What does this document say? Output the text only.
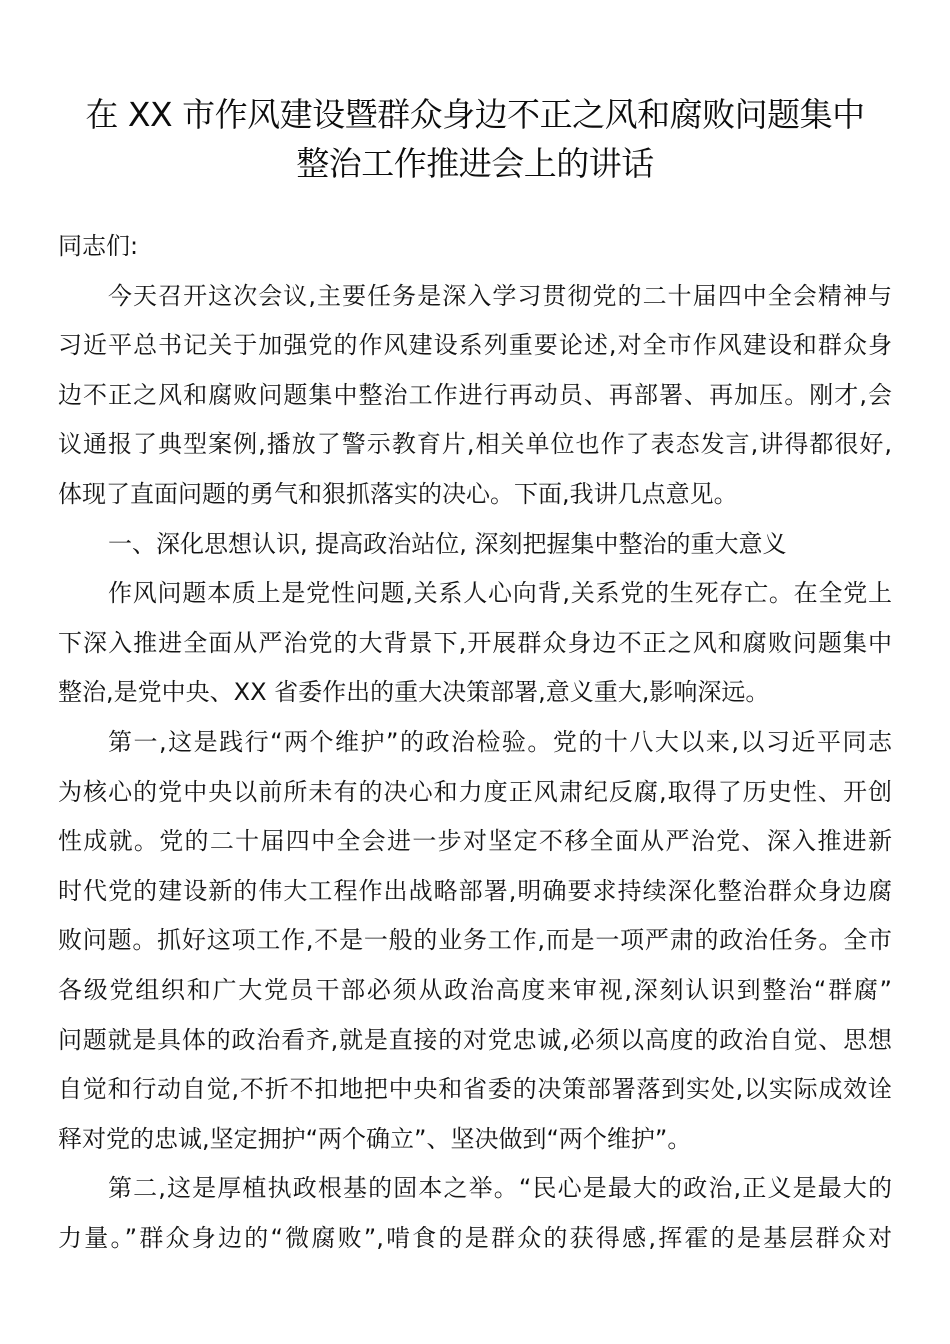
在 XX 市作风建设暨群众身边不正之风和腐败问题集中
整治工作推进会上的讲话
同志们:
今天召开这次会议,主要任务是深入学习贯彻党的二十届四中全会精神与
习近平总书记关于加强党的作风建设系列重要论述,对全市作风建设和群众身
边不正之风和腐败问题集中整治工作进行再动员、再部署、再加压。刚才,会
议通报了典型案例,播放了警示教育片,相关单位也作了表态发言,讲得都很好,
体现了直面问题的勇气和狠抓落实的决心。下面,我讲几点意见。
一、深化思想认识, 提高政治站位, 深刻把握集中整治的重大意义
作风问题本质上是党性问题,关系人心向背,关系党的生死存亡。在全党上
下深入推进全面从严治党的大背景下,开展群众身边不正之风和腐败问题集中
整治,是党中央、XX 省委作出的重大决策部署,意义重大,影响深远。
第一,这是践行“两个维护”的政治检验。党的十八大以来,以习近平同志
为核心的党中央以前所未有的决心和力度正风肃纪反腐,取得了历史性、开创
性成就。党的二十届四中全会进一步对坚定不移全面从严治党、深入推进新
时代党的建设新的伟大工程作出战略部署,明确要求持续深化整治群众身边腐
败问题。抓好这项工作,不是一般的业务工作,而是一项严肃的政治任务。全市
各级党组织和广大党员干部必须从政治高度来审视,深刻认识到整治“群腐”
问题就是具体的政治看齐,就是直接的对党忠诚,必须以高度的政治自觉、思想
自觉和行动自觉,不折不扣地把中央和省委的决策部署落到实处,以实际成效诠
释对党的忠诚,坚定拥护“两个确立”、坚决做到“两个维护”。
第二,这是厚植执政根基的固本之举。“民心是最大的政治,正义是最大的
力量。”群众身边的“微腐败”,啃食的是群众的获得感,挥霍的是基层群众对
